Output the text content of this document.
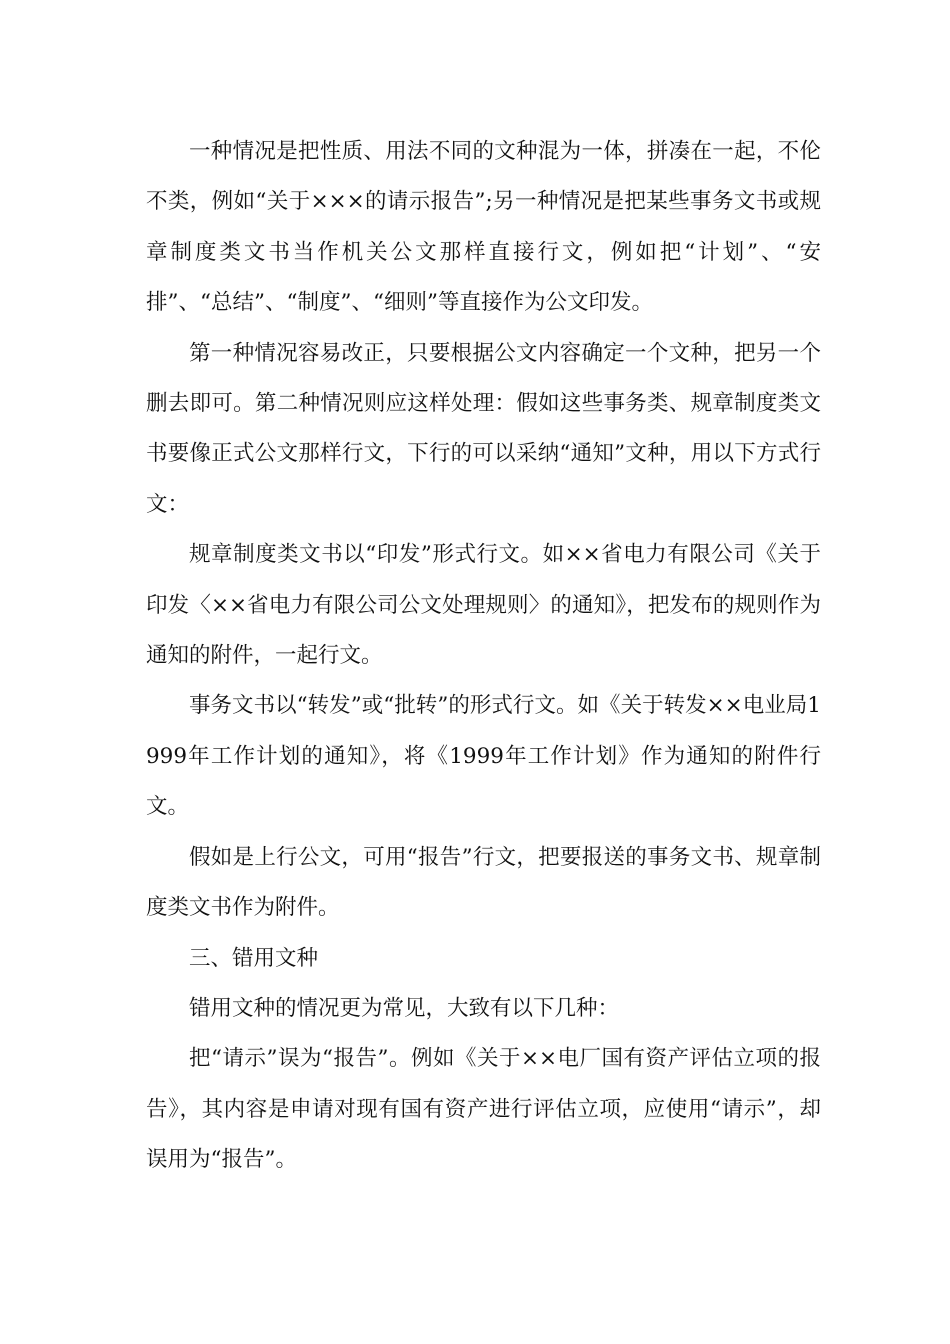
一种情况是把性质、用法不同的文种混为一体，拼凑在一起，不伦不类，例如“关于×××的请示报告”;另一种情况是把某些事务文书或规章制度类文书当作机关公文那样直接行文，例如把“计划”、“安排”、“总结”、“制度”、“细则”等直接作为公文印发。

第一种情况容易改正，只要根据公文内容确定一个文种，把另一个删去即可。第二种情况则应这样处理：假如这些事务类、规章制度类文书要像正式公文那样行文，下行的可以采纳“通知”文种，用以下方式行文：

规章制度类文书以“印发”形式行文。如××省电力有限公司《关于印发〈××省电力有限公司公文处理规则〉的通知》，把发布的规则作为通知的附件，一起行文。

事务文书以“转发”或“批转”的形式行文。如《关于转发××电业局1999年工作计划的通知》，将《1999年工作计划》作为通知的附件行文。

假如是上行公文，可用“报告”行文，把要报送的事务文书、规章制度类文书作为附件。

三、错用文种

错用文种的情况更为常见，大致有以下几种：

把“请示”误为“报告”。例如《关于××电厂国有资产评估立项的报告》，其内容是申请对现有国有资产进行评估立项，应使用“请示”，却误用为“报告”。
